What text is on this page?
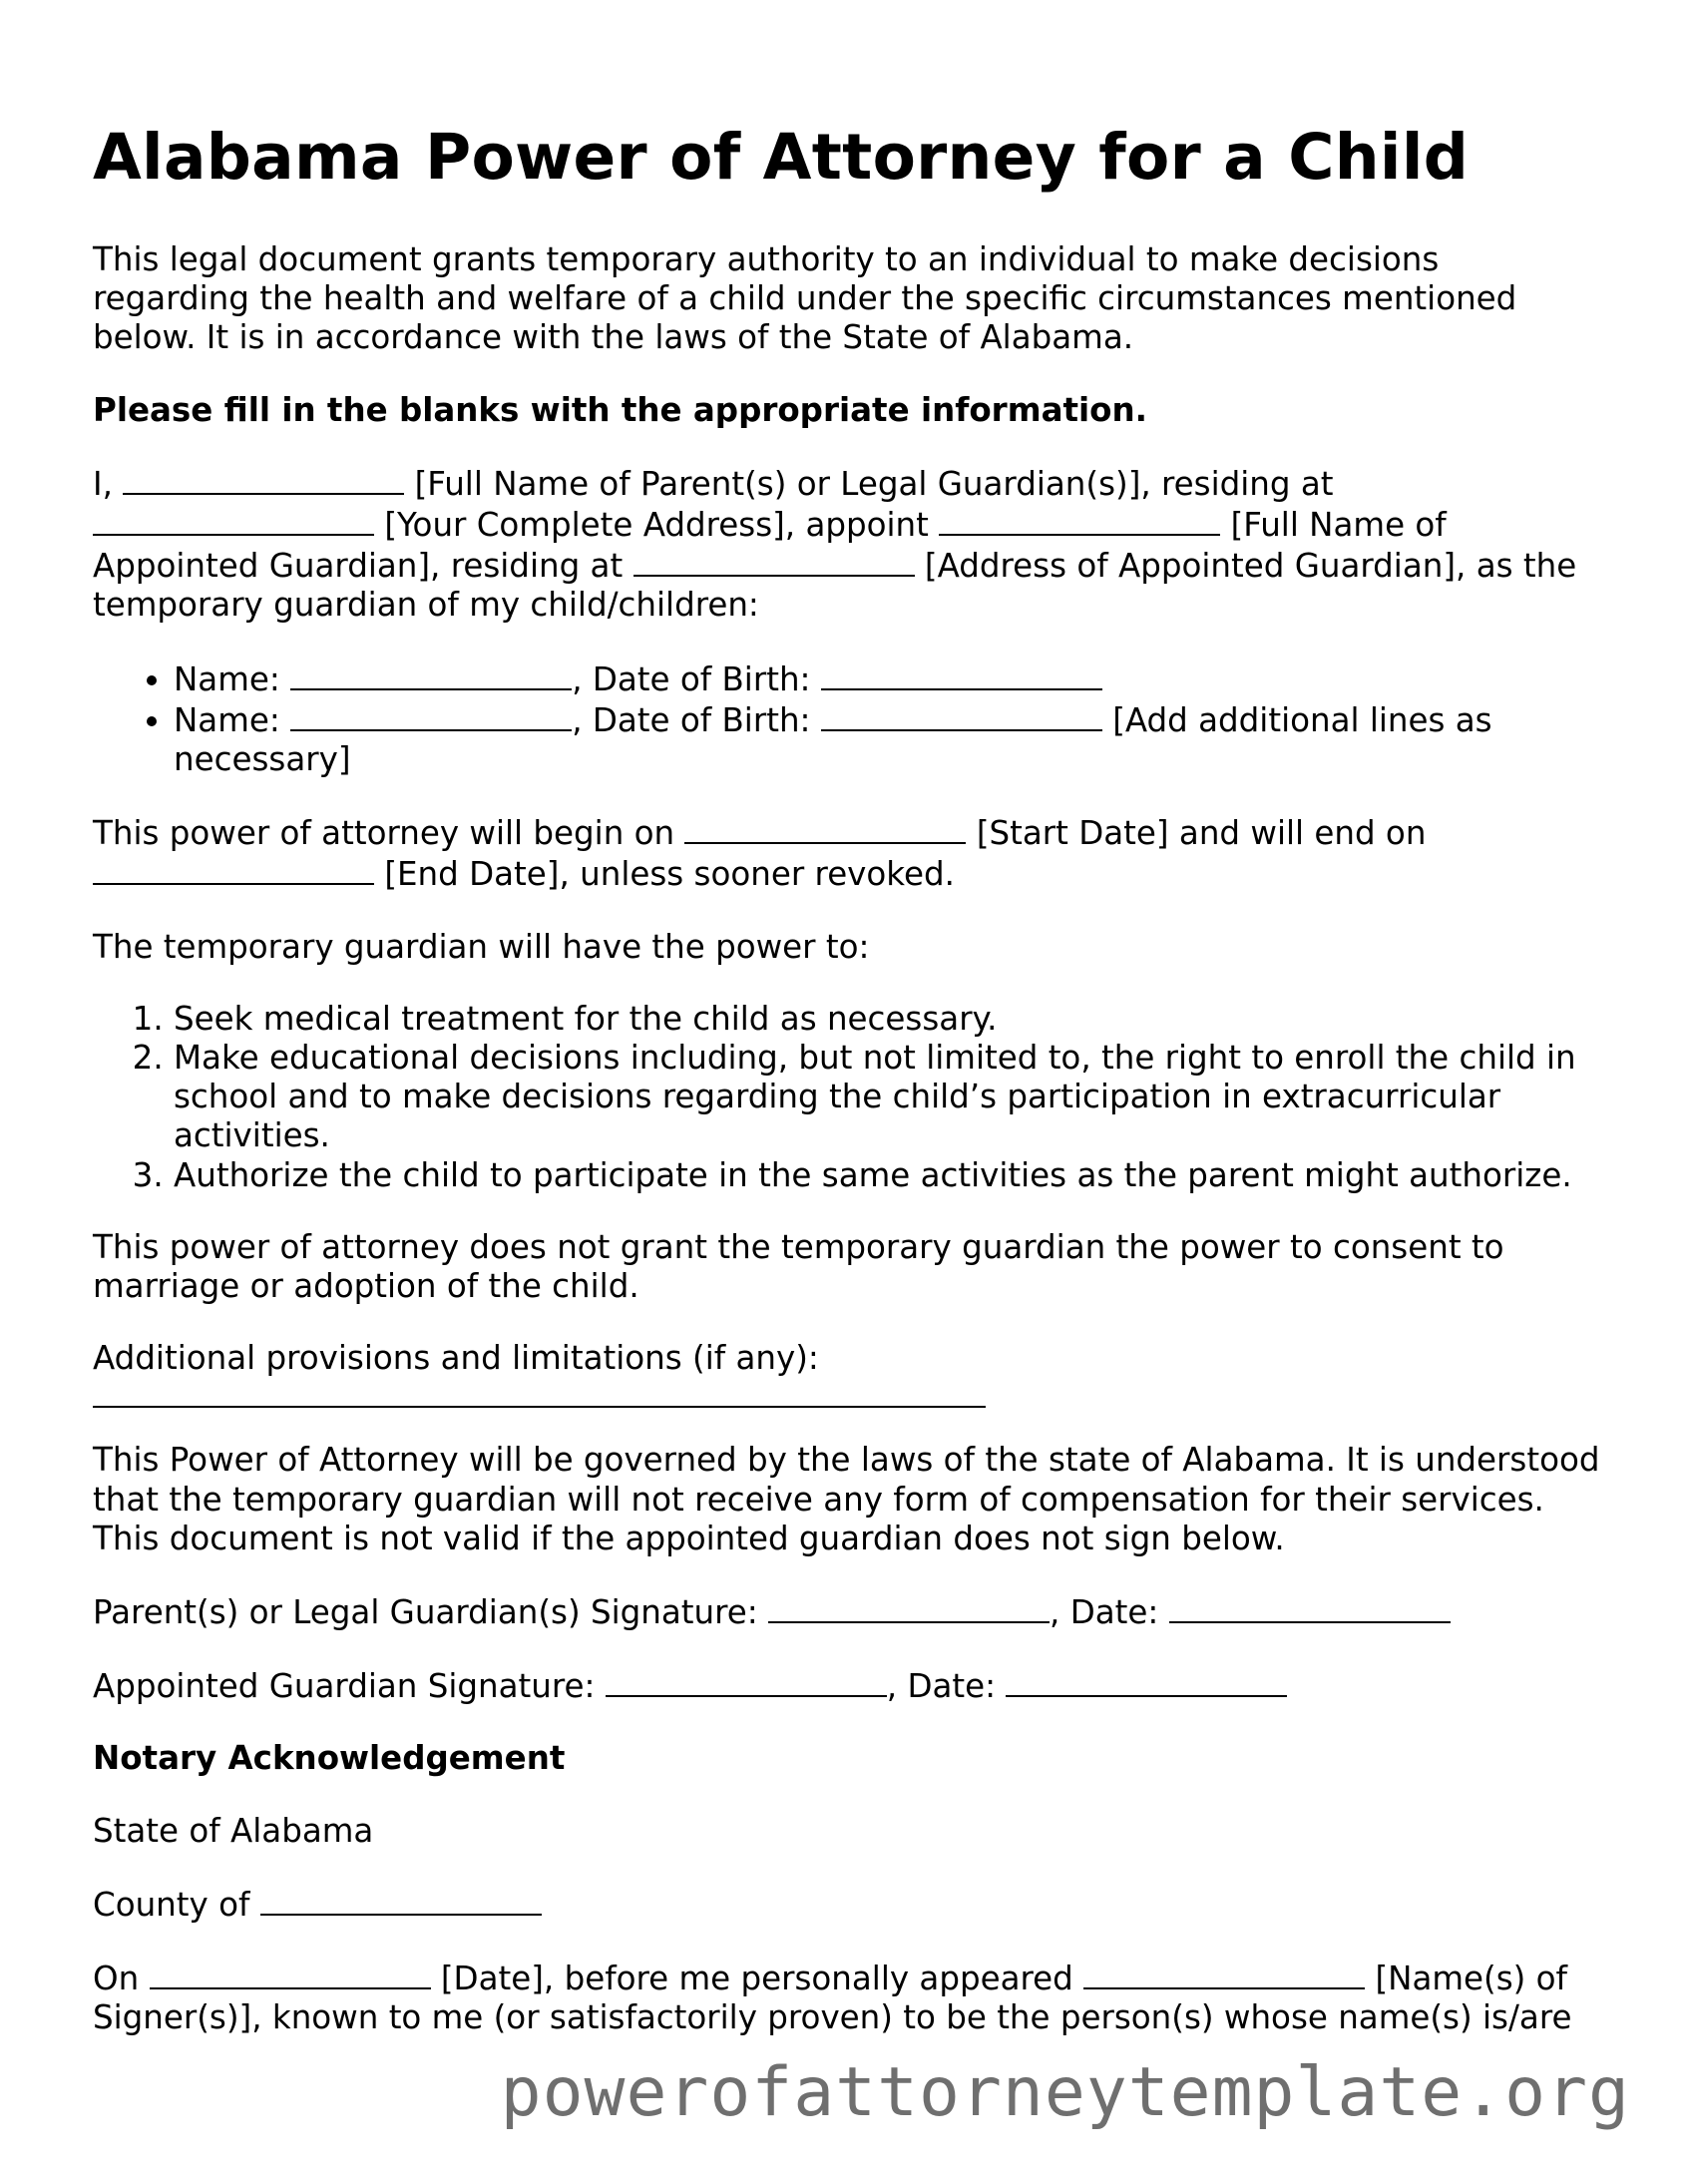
Alabama Power of Attorney for a Child

This legal document grants temporary authority to an individual to make decisions regarding the health and welfare of a child under the specific circumstances mentioned below. It is in accordance with the laws of the State of Alabama.

Please fill in the blanks with the appropriate information.

I,	[Full Name of Parent(s) or Legal Guardian(s)], residing at  [Your Complete Address], appoint	[Full Name of Appointed Guardian], residing at	[Address of Appointed Guardian], as the temporary guardian of my child/children:

• Name:	, Date of Birth:
• Name:	, Date of Birth:	[Add additional lines as necessary]

This power of attorney will begin on	[Start Date] and will end on  [End Date], unless sooner revoked.

The temporary guardian will have the power to:

1. Seek medical treatment for the child as necessary.
2. Make educational decisions including, but not limited to, the right to enroll the child in school and to make decisions regarding the child’s participation in extracurricular activities.
3. Authorize the child to participate in the same activities as the parent might authorize.

This power of attorney does not grant the temporary guardian the power to consent to marriage or adoption of the child.

Additional provisions and limitations (if any):

This Power of Attorney will be governed by the laws of the state of Alabama. It is understood that the temporary guardian will not receive any form of compensation for their services. This document is not valid if the appointed guardian does not sign below.

Parent(s) or Legal Guardian(s) Signature:	, Date:

Appointed Guardian Signature:	, Date:

Notary Acknowledgement

State of Alabama

County of

On	[Date], before me personally appeared	[Name(s) of Signer(s)], known to me (or satisfactorily proven) to be the person(s) whose name(s) is/are

powerofattorneytemplate.org
